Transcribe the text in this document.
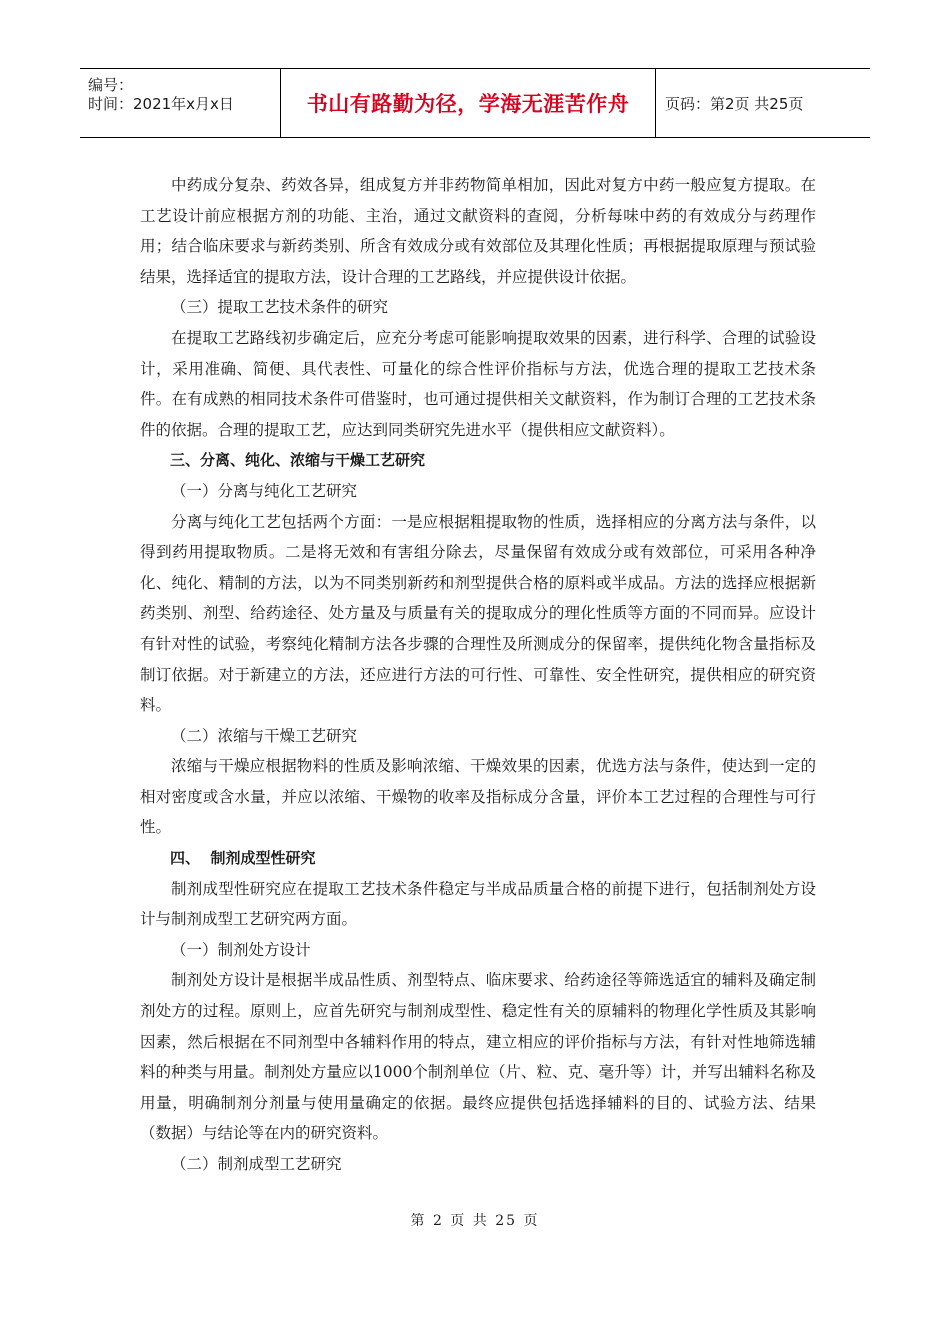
编号：
时间：2021年x月x日	书山有路勤为径，学海无涯苦作舟	页码：第2页 共25页

中药成分复杂、药效各异，组成复方并非药物简单相加，因此对复方中药一般应复方提取。在工艺设计前应根据方剂的功能、主治，通过文献资料的查阅，分析每味中药的有效成分与药理作用；结合临床要求与新药类别、所含有效成分或有效部位及其理化性质；再根据提取原理与预试验结果，选择适宜的提取方法，设计合理的工艺路线，并应提供设计依据。

（三）提取工艺技术条件的研究

在提取工艺路线初步确定后，应充分考虑可能影响提取效果的因素，进行科学、合理的试验设计，采用准确、简便、具代表性、可量化的综合性评价指标与方法，优选合理的提取工艺技术条件。在有成熟的相同技术条件可借鉴时，也可通过提供相关文献资料，作为制订合理的工艺技术条件的依据。合理的提取工艺，应达到同类研究先进水平（提供相应文献资料）。

三、分离、纯化、浓缩与干燥工艺研究

（一）分离与纯化工艺研究

分离与纯化工艺包括两个方面：一是应根据粗提取物的性质，选择相应的分离方法与条件，以得到药用提取物质。二是将无效和有害组分除去，尽量保留有效成分或有效部位，可采用各种净化、纯化、精制的方法，以为不同类别新药和剂型提供合格的原料或半成品。方法的选择应根据新药类别、剂型、给药途径、处方量及与质量有关的提取成分的理化性质等方面的不同而异。应设计有针对性的试验，考察纯化精制方法各步骤的合理性及所测成分的保留率，提供纯化物含量指标及制订依据。对于新建立的方法，还应进行方法的可行性、可靠性、安全性研究，提供相应的研究资料。

（二）浓缩与干燥工艺研究

浓缩与干燥应根据物料的性质及影响浓缩、干燥效果的因素，优选方法与条件，使达到一定的相对密度或含水量，并应以浓缩、干燥物的收率及指标成分含量，评价本工艺过程的合理性与可行性。

四、  制剂成型性研究

制剂成型性研究应在提取工艺技术条件稳定与半成品质量合格的前提下进行，包括制剂处方设计与制剂成型工艺研究两方面。

（一）制剂处方设计

制剂处方设计是根据半成品性质、剂型特点、临床要求、给药途径等筛选适宜的辅料及确定制剂处方的过程。原则上，应首先研究与制剂成型性、稳定性有关的原辅料的物理化学性质及其影响因素，然后根据在不同剂型中各辅料作用的特点，建立相应的评价指标与方法，有针对性地筛选辅料的种类与用量。制剂处方量应以1000个制剂单位（片、粒、克、毫升等）计，并写出辅料名称及用量，明确制剂分剂量与使用量确定的依据。最终应提供包括选择辅料的目的、试验方法、结果（数据）与结论等在内的研究资料。

（二）制剂成型工艺研究

第 2 页 共 25 页
